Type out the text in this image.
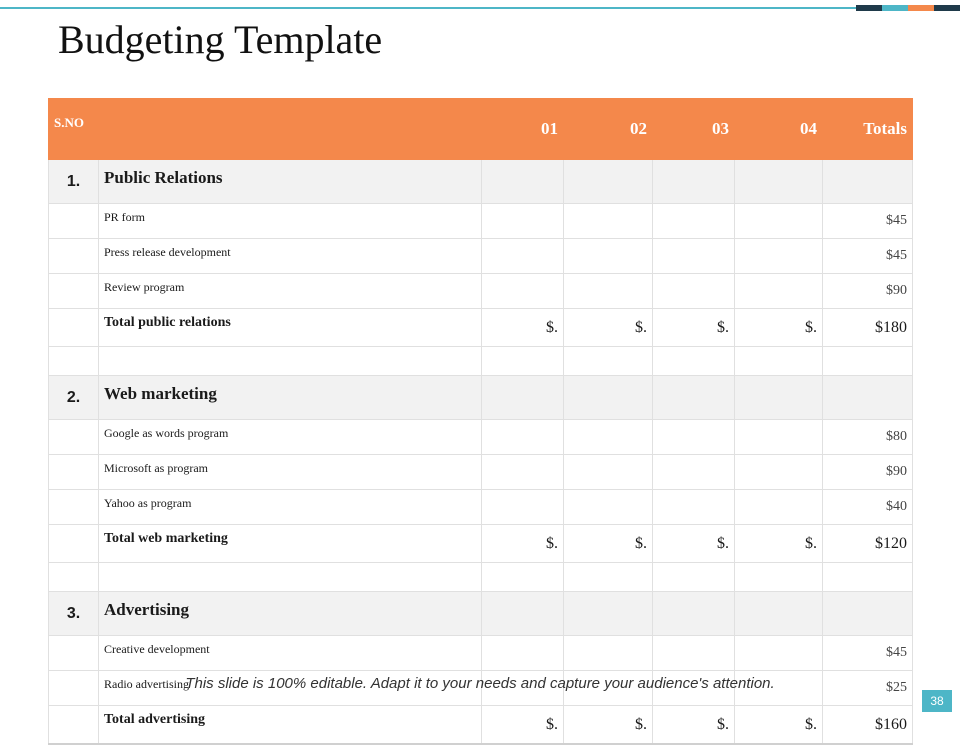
Budgeting Template
S.NO		01	02	03	04	Totals
1.	Public Relations					
	PR form					$45
	Press release development					$45
	Review program					$90
	Total public relations	$.	$.	$.	$.	$180

2.	Web marketing					
	Google as words program					$80
	Microsoft as program					$90
	Yahoo as program					$40
	Total web marketing	$.	$.	$.	$.	$120

3.	Advertising					
	Creative development					$45
	Radio advertising					$25
	Total advertising	$.	$.	$.	$.	$160
This slide is 100% editable. Adapt it to your needs and capture your audience's attention.
38
